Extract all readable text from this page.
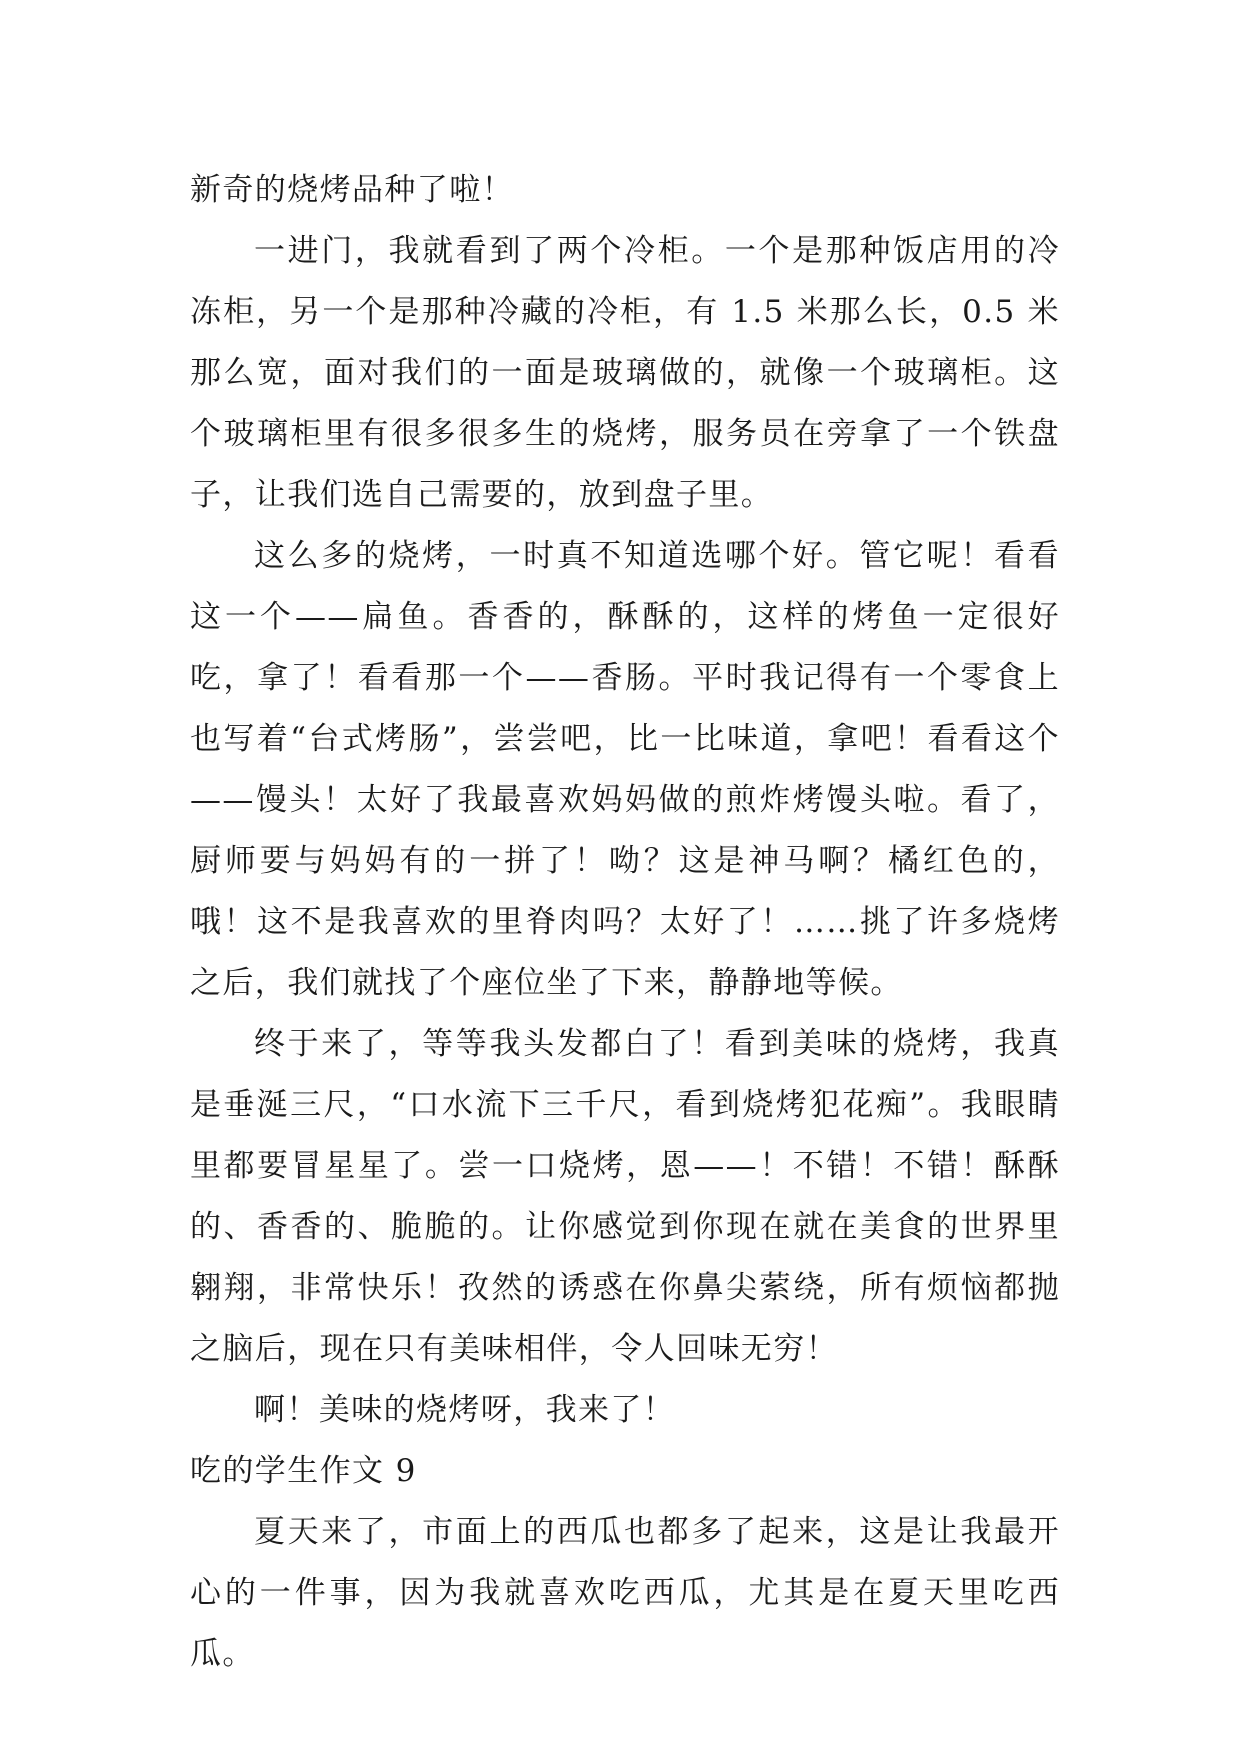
新奇的烧烤品种了啦！

一进门，我就看到了两个冷柜。一个是那种饭店用的冷冻柜，另一个是那种冷藏的冷柜，有 1.5 米那么长，0.5 米那么宽，面对我们的一面是玻璃做的，就像一个玻璃柜。这个玻璃柜里有很多很多生的烧烤，服务员在旁拿了一个铁盘子，让我们选自己需要的，放到盘子里。

这么多的烧烤，一时真不知道选哪个好。管它呢！看看这一个——扁鱼。香香的，酥酥的，这样的烤鱼一定很好吃，拿了！看看那一个——香肠。平时我记得有一个零食上也写着“台式烤肠”，尝尝吧，比一比味道，拿吧！看看这个——馒头！太好了我最喜欢妈妈做的煎炸烤馒头啦。看了，厨师要与妈妈有的一拼了！呦？这是神马啊？橘红色的，哦！这不是我喜欢的里脊肉吗？太好了！……挑了许多烧烤之后，我们就找了个座位坐了下来，静静地等候。

终于来了，等等我头发都白了！看到美味的烧烤，我真是垂涎三尺，“口水流下三千尺，看到烧烤犯花痴”。我眼睛里都要冒星星了。尝一口烧烤，恩——！不错！不错！酥酥的、香香的、脆脆的。让你感觉到你现在就在美食的世界里翱翔，非常快乐！孜然的诱惑在你鼻尖萦绕，所有烦恼都抛之脑后，现在只有美味相伴，令人回味无穷！

啊！美味的烧烤呀，我来了！

吃的学生作文 9

夏天来了，市面上的西瓜也都多了起来，这是让我最开心的一件事，因为我就喜欢吃西瓜，尤其是在夏天里吃西瓜。
